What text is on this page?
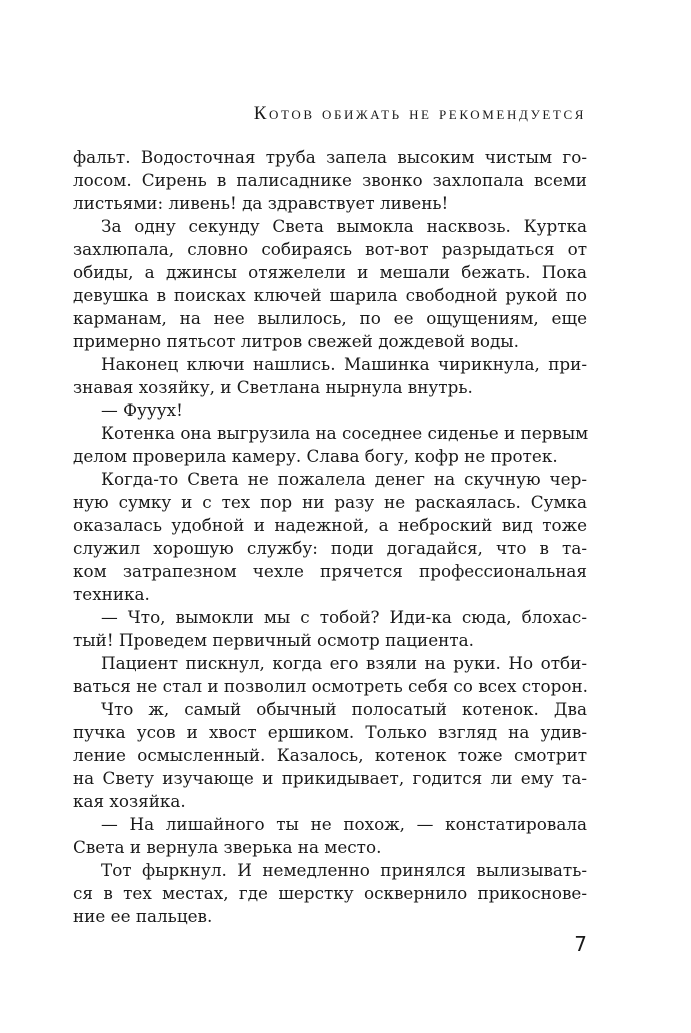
Котов обижать не рекомендуется
фальт. Водосточная труба запела высоким чистым го-
лосом. Сирень в палисаднике звонко захлопала всеми
листьями: ливень! да здравствует ливень!
За одну секунду Света вымокла насквозь. Куртка
захлюпала, словно собираясь вот-вот разрыдаться от
обиды, а джинсы отяжелели и мешали бежать. Пока
девушка в поисках ключей шарила свободной рукой по
карманам, на нее вылилось, по ее ощущениям, еще
примерно пятьсот литров свежей дождевой воды.
Наконец ключи нашлись. Машинка чирикнула, при-
знавая хозяйку, и Светлана нырнула внутрь.
— Фууух!
Котенка она выгрузила на соседнее сиденье и первым
делом проверила камеру. Слава богу, кофр не протек.
Когда-то Света не пожалела денег на скучную чер-
ную сумку и с тех пор ни разу не раскаялась. Сумка
оказалась удобной и надежной, а неброский вид тоже
служил хорошую службу: поди догадайся, что в та-
ком затрапезном чехле прячется профессиональная
техника.
— Что, вымокли мы с тобой? Иди-ка сюда, блохас-
тый! Проведем первичный осмотр пациента.
Пациент пискнул, когда его взяли на руки. Но отби-
ваться не стал и позволил осмотреть себя со всех сторон.
Что ж, самый обычный полосатый котенок. Два
пучка усов и хвост ершиком. Только взгляд на удив-
ление осмысленный. Казалось, котенок тоже смотрит
на Свету изучающе и прикидывает, годится ли ему та-
кая хозяйка.
— На лишайного ты не похож, — констатировала
Света и вернула зверька на место.
Тот фыркнул. И немедленно принялся вылизывать-
ся в тех местах, где шерстку осквернило прикоснове-
ние ее пальцев.
7
